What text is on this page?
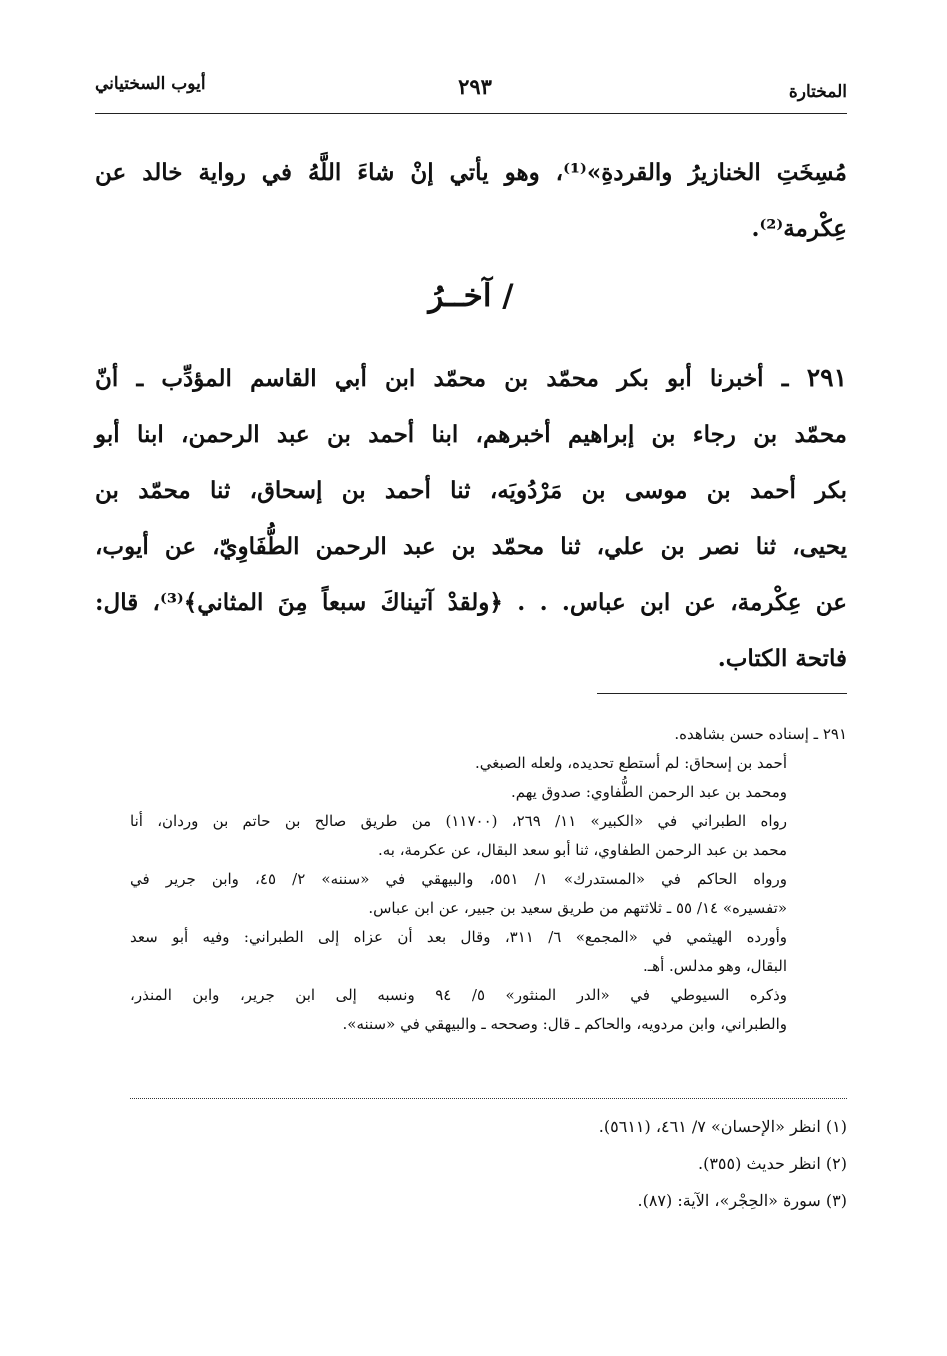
المختارة
٢٩٣
أيوب السختياني
مُسِخَتِ الخنازيرُ والقردةِ»⁽¹⁾، وهو يأتي إنْ شاءَ اللَّهُ في رواية خالد عن
عِكْرمة⁽²⁾.
/ آخــرُ
٢٩١ ـ أخبرنا أبو بكر محمّد بن محمّد ابن أبي القاسم المؤدِّب ـ أنّ
محمّد بن رجاء بن إبراهيم أخبرهم، ابنا أحمد بن عبد الرحمن، ابنا أبو
بكر أحمد بن موسى بن مَرْدُويَه، ثنا أحمد بن إسحاق، ثنا محمّد بن
يحيى، ثنا نصر بن علي، ثنا محمّد بن عبد الرحمن الطُّفَاوِيّ، عن أيوب،
عن عِكْرمة، عن ابن عباس. . . ﴿ولقدْ آتيناكَ سبعاً مِنَ المثاني﴾⁽³⁾، قال:
فاتحة الكتاب.
٢٩١ ـ إسناده حسن بشاهده.
أحمد بن إسحاق: لم أستطع تحديده، ولعله الصبغي.
ومحمد بن عبد الرحمن الطُّفاوي: صدوق يهم.
رواه الطبراني في «الكبير» ١١/ ٢٦٩، (١١٧٠٠) من طريق صالح بن حاتم بن وردان، أنا
محمد بن عبد الرحمن الطفاوي، ثنا أبو سعد البقال، عن عكرمة، به.
ورواه الحاكم في «المستدرك» ١/ ٥٥١، والبيهقي في «سننه» ٢/ ٤٥، وابن جرير في
«تفسيره» ١٤/ ٥٥ ـ ثلاثتهم من طريق سعيد بن جبير، عن ابن عباس.
وأورده الهيثمي في «المجمع» ٦/ ٣١١، وقال بعد أن عزاه إلى الطبراني: وفيه أبو سعد
البقال، وهو مدلس. أهـ.
وذكره السيوطي في «الدر المنثور» ٥/ ٩٤ ونسبه إلى ابن جرير، وابن المنذر،
والطبراني، وابن مردويه، والحاكم ـ قال: وصححه ـ والبيهقي في «سننه».
(١) انظر «الإحسان» ٧/ ٤٦١، (٥٦١١).
(٢) انظر حديث (٣٥٥).
(٣) سورة «الحِجْر»، الآية: (٨٧).
